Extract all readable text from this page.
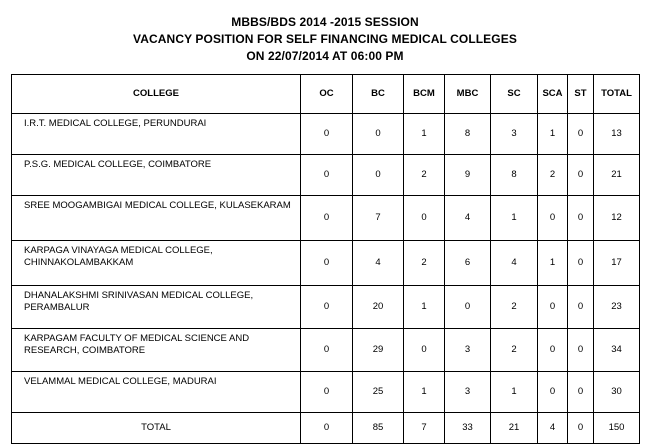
MBBS/BDS 2014 -2015 SESSION
VACANCY POSITION FOR SELF FINANCING MEDICAL COLLEGES
ON 22/07/2014 AT 06:00 PM
COLLEGE	OC	BC	BCM	MBC	SC	SCA	ST	TOTAL
I.R.T. MEDICAL COLLEGE, PERUNDURAI	0	0	1	8	3	1	0	13
P.S.G. MEDICAL COLLEGE, COIMBATORE	0	0	2	9	8	2	0	21
SREE MOOGAMBIGAI MEDICAL COLLEGE, KULASEKARAM	0	7	0	4	1	0	0	12
KARPAGA VINAYAGA MEDICAL COLLEGE, CHINNAKOLAMBAKKAM	0	4	2	6	4	1	0	17
DHANALAKSHMI SRINIVASAN MEDICAL COLLEGE, PERAMBALUR	0	20	1	0	2	0	0	23
KARPAGAM FACULTY OF MEDICAL SCIENCE AND RESEARCH, COIMBATORE	0	29	0	3	2	0	0	34
VELAMMAL MEDICAL COLLEGE, MADURAI	0	25	1	3	1	0	0	30
TOTAL	0	85	7	33	21	4	0	150
